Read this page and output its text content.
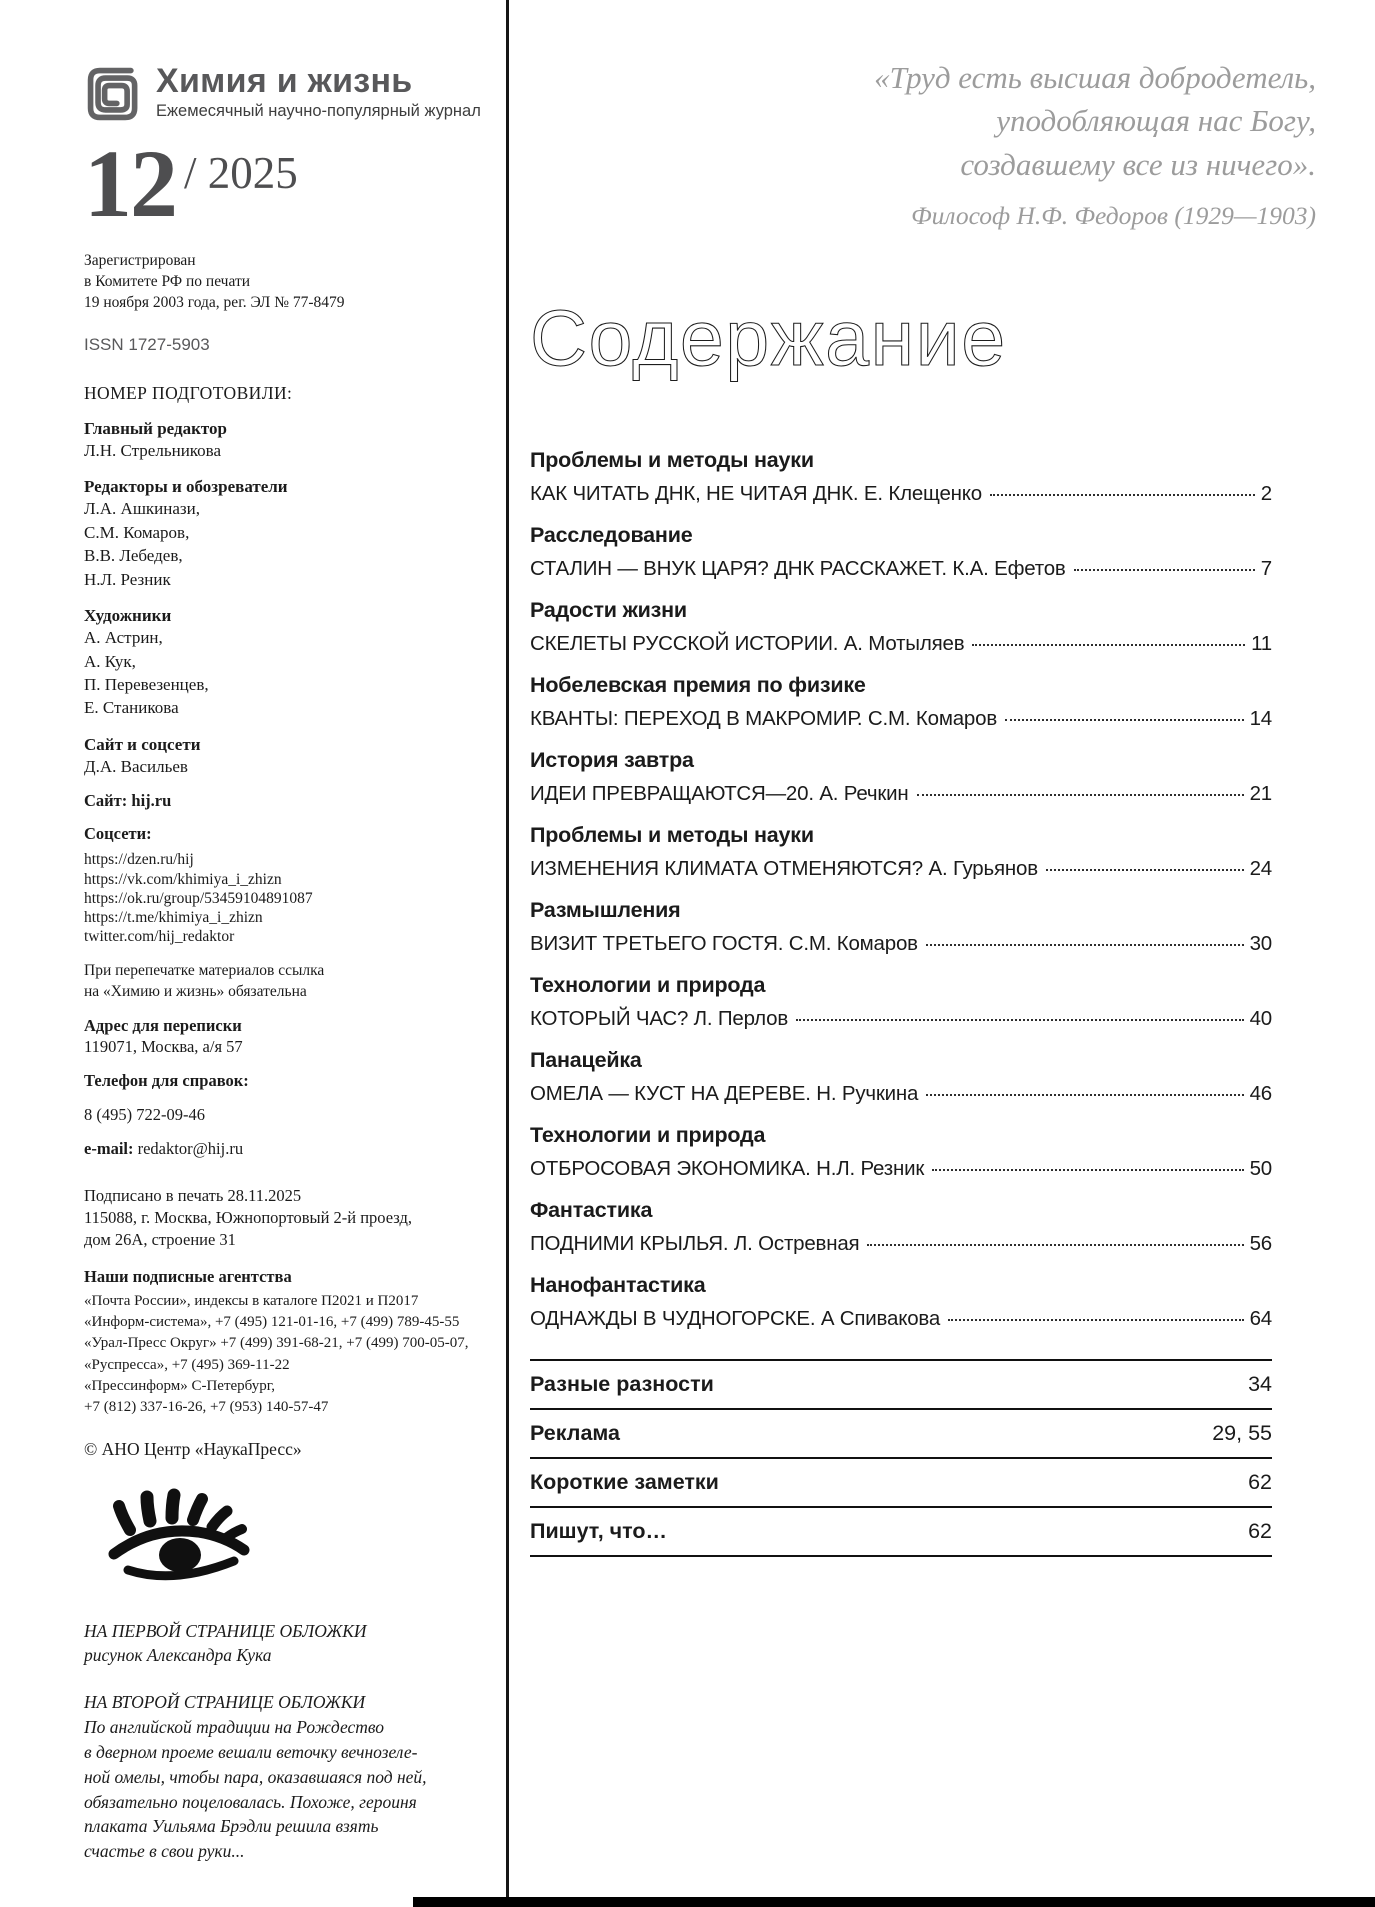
Химия и жизнь
Ежемесячный научно-популярный журнал
12 / 2025
Зарегистрирован
в Комитете РФ по печати
19 ноября 2003 года, рег. ЭЛ № 77-8479
ISSN 1727-5903
НОМЕР ПОДГОТОВИЛИ:
Главный редактор
Л.Н. Стрельникова
Редакторы и обозреватели
Л.А. Ашкинази,
С.М. Комаров,
В.В. Лебедев,
Н.Л. Резник
Художники
А. Астрин,
А. Кук,
П. Перевезенцев,
Е. Станикова
Сайт и соцсети
Д.А. Васильев
Сайт: hij.ru
Соцсети:
https://dzen.ru/hij
https://vk.com/khimiya_i_zhizn
https://ok.ru/group/53459104891087
https://t.me/khimiya_i_zhizn
twitter.com/hij_redaktor
При перепечатке материалов ссылка
на «Химию и жизнь» обязательна
Адрес для переписки
119071, Москва, а/я 57
Телефон для справок:
8 (495) 722-09-46
e-mail: redaktor@hij.ru
Подписано в печать 28.11.2025
115088, г. Москва, Южнопортовый 2-й проезд,
дом 26А, строение 31
Наши подписные агентства
«Почта России», индексы в каталоге П2021 и П2017
«Информ-система», +7 (495) 121-01-16, +7 (499) 789-45-55
«Урал-Пресс Округ» +7 (499) 391-68-21, +7 (499) 700-05-07,
«Руспресса», +7 (495) 369-11-22
«Прессинформ» С-Петербург,
+7 (812) 337-16-26, +7 (953) 140-57-47
© АНО Центр «НаукаПресс»
НА ПЕРВОЙ СТРАНИЦЕ ОБЛОЖКИ
рисунок Александра Кука
НА ВТОРОЙ СТРАНИЦЕ ОБЛОЖКИ
По английской традиции на Рождество
в дверном проеме вешали веточку вечнозеле-
ной омелы, чтобы пара, оказавшаяся под ней,
обязательно поцеловалась. Похоже, героиня
плаката Уильяма Брэдли решила взять
счастье в свои руки...
«Труд есть высшая добродетель,
уподобляющая нас Богу,
создавшему все из ничего».
Философ Н.Ф. Федоров (1929—1903)
Содержание
Проблемы и методы науки
КАК ЧИТАТЬ ДНК, НЕ ЧИТАЯ ДНК. Е. Клещенко	2
Расследование
СТАЛИН — ВНУК ЦАРЯ? ДНК РАССКАЖЕТ. К.А. Ефетов	7
Радости жизни
СКЕЛЕТЫ РУССКОЙ ИСТОРИИ. А. Мотыляев	11
Нобелевская премия по физике
КВАНТЫ: ПЕРЕХОД В МАКРОМИР. С.М. Комаров	14
История завтра
ИДЕИ ПРЕВРАЩАЮТСЯ—20. А. Речкин	21
Проблемы и методы науки
ИЗМЕНЕНИЯ КЛИМАТА ОТМЕНЯЮТСЯ? А. Гурьянов	24
Размышления
ВИЗИТ ТРЕТЬЕГО ГОСТЯ. С.М. Комаров	30
Технологии и природа
КОТОРЫЙ ЧАС? Л. Перлов	40
Панацейка
ОМЕЛА — КУСТ НА ДЕРЕВЕ. Н. Ручкина	46
Технологии и природа
ОТБРОСОВАЯ ЭКОНОМИКА. Н.Л. Резник	50
Фантастика
ПОДНИМИ КРЫЛЬЯ. Л. Остревная	56
Нанофантастика
ОДНАЖДЫ В ЧУДНОГОРСКЕ. А Спивакова	64
Разные разности	34
Реклама	29, 55
Короткие заметки	62
Пишут, что…	62
